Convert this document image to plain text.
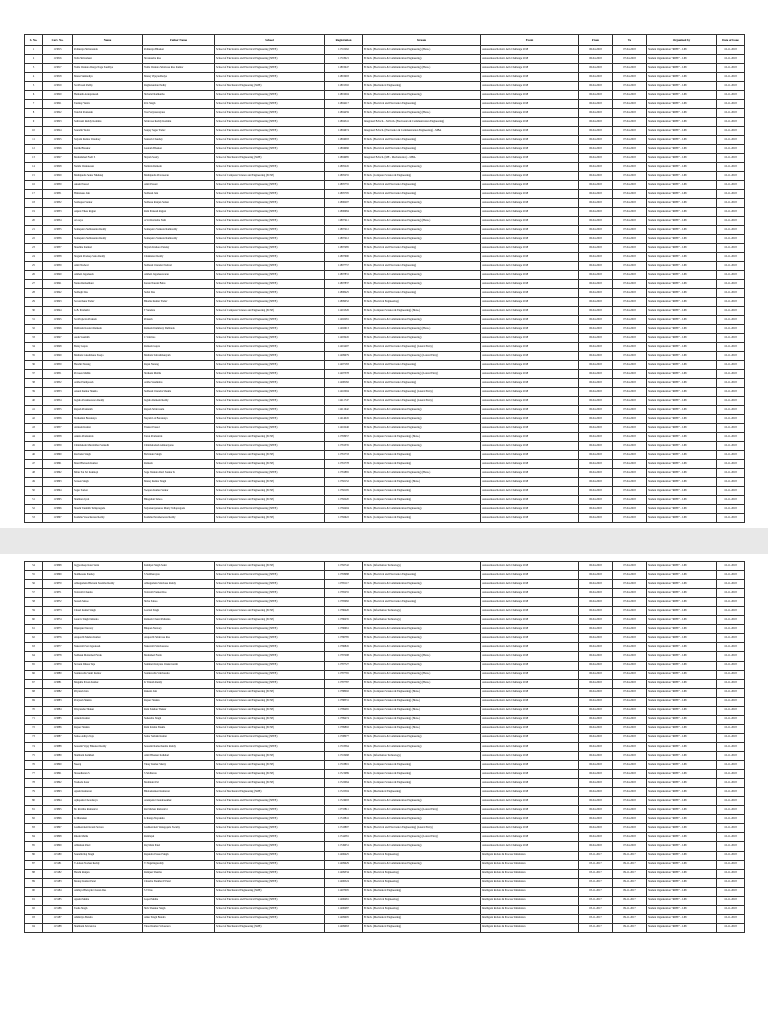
S. No.	Cert. No.	Name	Father Name	School	Registration	Stream	Event	From	To	Organized by	Date of Issue
1	113815	Pothuraju Shivananda	Pothuraju Bhaskar	School of Electronics and Electrical Engineering (SEEE)	11710262	B.Tech. (Electronics & Communication Engineering) (Hons.)	Autonomous Robotic Arm Challenge 2018	06-04-2018	07-04-2018	Student Organization "RIBE" - LPU	16-11-2018
2	113816	Vella Shivamani	Sivanandra Rao	School of Electronics and Electrical Engineering (SEEE)	11718021	B.Tech. (Electronics & Communication Engineering)	Autonomous Robotic Arm Challenge 2018	06-04-2018	07-04-2018	Student Organization "RIBE" - LPU	16-11-2018
3	113817	Yadla Venkata Durga Naga Sandhya	Yadla Venkata Srinivasa Rao Kumar	School of Electronics and Electrical Engineering (SEEE)	11801947	B.Tech. (Electronics & Communication Engineering) (Hons.)	Autonomous Robotic Arm Challenge 2018	06-04-2018	07-04-2018	Student Organization "RIBE" - LPU	16-11-2018
4	113818	Mansi Sukhadiya	Manoj Vijaysubhaiya	School of Electronics and Electrical Engineering (SEEE)	11801993	B.Tech. (Electronics & Communication Engineering)	Autonomous Robotic Arm Challenge 2018	06-04-2018	07-04-2018	Student Organization "RIBE" - LPU	16-11-2018
5	113819	Sai Prasad Padhy	Raghunandan Padhy	School of Mechanical Engineering (SME)	11801502	B.Tech. (Mechanical Engineering)	Autonomous Robotic Arm Challenge 2018	06-04-2018	07-04-2018	Student Organization "RIBE" - LPU	16-11-2018
6	113820	Hemanth Arunprakash	Shivalal Ramkutha	School of Electronics and Electrical Engineering (SEEE)	11801004	B.Tech. (Electronics & Communication Engineering)	Autonomous Robotic Arm Challenge 2018	06-04-2018	07-04-2018	Student Organization "RIBE" - LPU	16-11-2018
7	113821	Tanmay Yadav	R K Singh	School of Electronics and Electrical Engineering (SEEE)	11804217	B.Tech. (Electrical and Electronics Engineering)	Autonomous Robotic Arm Challenge 2018	06-04-2018	07-04-2018	Student Organization "RIBE" - LPU	16-11-2018
8	113822	Vanchit Ponnaiah	Vasi Satyanarayana	School of Electronics and Electrical Engineering (SEEE)	11804459	B.Tech. (Electronics & Communication Engineering) (Hons.)	Autonomous Robotic Arm Challenge 2018	06-04-2018	07-04-2018	Student Organization "RIBE" - LPU	16-11-2018
9	113823	Sathvanti Reddy Kommu	Srinivasa Reddy Kommu	School of Electronics and Electrical Engineering (SEEE)	11804541	Integrated B.Tech. - M.Tech. (Electronics & Communication Engineering)	Autonomous Robotic Arm Challenge 2018	06-04-2018	07-04-2018	Student Organization "RIBE" - LPU	16-11-2018
10	113824	Saurabh Yadav	Sanjay Sagar Yadav	School of Electronics and Electrical Engineering (SEEE)	11804674	Integrated B.Tech. (Electronics & Communication Engineering) - MBA	Autonomous Robotic Arm Challenge 2018	06-04-2018	07-04-2018	Student Organization "RIBE" - LPU	16-11-2018
11	113825	Satyam Kumar Chaubey	Santosh Chaubey	School of Electronics and Electrical Engineering (SEEE)	11804093	B.Tech. (Electrical and Electronics Engineering)	Autonomous Robotic Arm Challenge 2018	06-04-2018	07-04-2018	Student Organization "RIBE" - LPU	16-11-2018
12	113826	Kartik Bhaskar	Gautam Bhaskar	School of Electronics and Electrical Engineering (SEEE)	11804966	B.Tech. (Electrical and Electronics Engineering)	Autonomous Robotic Arm Challenge 2018	06-04-2018	07-04-2018	Student Organization "RIBE" - LPU	16-11-2018
13	113827	Mohammad Fazil S	Shyam Sastry	School of Mechanical Engineering (SME)	11804985	Integrated B.Tech. (ME - Mechatronics) - MBA	Autonomous Robotic Arm Challenge 2018	06-04-2018	07-04-2018	Student Organization "RIBE" - LPU	16-11-2018
14	113828	Nelida Venkatesan	Nalinda Ramesh	School of Electronics and Electrical Engineering (SEEE)	11805245	B.Tech. (Electronics & Communication Engineering)	Autonomous Robotic Arm Challenge 2018	06-04-2018	07-04-2018	Student Organization "RIBE" - LPU	16-11-2018
15	113829	Muthipudis Sekar Nikhutej	Muthipudis Prasveeran	School of Computer Science and Engineering (SCSE)	11805255	B.Tech. (Computer Science & Engineering)	Autonomous Robotic Arm Challenge 2018	06-04-2018	07-04-2018	Student Organization "RIBE" - LPU	16-11-2018
16	113830	Akash Prasad	Amit Prasad	School of Electronics and Electrical Engineering (SEEE)	11805755	B.Tech. (Electrical and Electronics Engineering)	Autonomous Robotic Arm Challenge 2018	06-04-2018	07-04-2018	Student Organization "RIBE" - LPU	16-11-2018
17	113831	Himanasu Jain	Subhash Jain	School of Electronics and Electrical Engineering (SEEE)	11805795	B.Tech. (Electrical and Electronics Engineering)	Autonomous Robotic Arm Challenge 2018	06-04-2018	07-04-2018	Student Organization "RIBE" - LPU	16-11-2018
18	113832	Sarthajeet Sarkar	Subhasu Ranjan Sarkar	School of Electronics and Electrical Engineering (SEEE)	11806207	B.Tech. (Electronics & Communication Engineering)	Autonomous Robotic Arm Challenge 2018	06-04-2018	07-04-2018	Student Organization "RIBE" - LPU	16-11-2018
19	113833	Anjani Vikas Rajput	Ram Prakash Rajput	School of Electronics and Electrical Engineering (SEEE)	11806684	B.Tech. (Electronics & Communication Engineering)	Autonomous Robotic Arm Challenge 2018	06-04-2018	07-04-2018	Student Organization "RIBE" - LPU	16-11-2018
20	113834	A Lasya	A Sri Ravindra Nath	School of Electronics and Electrical Engineering (SEEE)	11807411	B.Tech. (Electronics & Communication Engineering) (Hons.)	Autonomous Robotic Arm Challenge 2018	06-04-2018	07-04-2018	Student Organization "RIBE" - LPU	16-11-2018
21	113835	Somepatra Subhasantu Reddy	Somepatra Venkata Ramireddy	School of Electronics and Electrical Engineering (SEEE)	11807412	B.Tech. (Electronics & Communication Engineering)	Autonomous Robotic Arm Challenge 2018	06-04-2018	07-04-2018	Student Organization "RIBE" - LPU	16-11-2018
22	113836	Somepatra Subhasantu Reddy	Somepatra Venkata Ramireddy	School of Electronics and Electrical Engineering (SEEE)	11807412	B.Tech. (Electronics & Communication Engineering)	Autonomous Robotic Arm Challenge 2018	06-04-2018	07-04-2018	Student Organization "RIBE" - LPU	16-11-2018
23	113837	Shashlie Kumari	Shyam Kishore Pandey	School of Electronics and Electrical Engineering (SEEE)	11807485	B.Tech. (Electrical and Electronics Engineering)	Autonomous Robotic Arm Challenge 2018	06-04-2018	07-04-2018	Student Organization "RIBE" - LPU	16-11-2018
24	113838	Singam Pradeep Sana Reddy	Chakhakar Reddy	School of Electronics and Electrical Engineering (SEEE)	11807690	B.Tech. (Electronics & Communication Engineering)	Autonomous Robotic Arm Challenge 2018	06-04-2018	07-04-2018	Student Organization "RIBE" - LPU	16-11-2018
25	113839	Amit Nadwal	Subhash Chander Nadwal	School of Electronics and Electrical Engineering (SEEE)	11807757	B.Tech. (Electrical and Electronics Engineering)	Autonomous Robotic Arm Challenge 2018	06-04-2018	07-04-2018	Student Organization "RIBE" - LPU	16-11-2018
26	113840	Ambeti Jagadeesh	Ambeti Jagadeeswaran	School of Electronics and Electrical Engineering (SEEE)	11807831	B.Tech. (Electronics & Communication Engineering)	Autonomous Robotic Arm Challenge 2018	06-04-2018	07-04-2018	Student Organization "RIBE" - LPU	16-11-2018
27	113841	Nainu Ramadhani	Karun Naresh Babu	School of Electronics and Electrical Engineering (SEEE)	11807837	B.Tech. (Electronics & Communication Engineering)	Autonomous Robotic Arm Challenge 2018	06-04-2018	07-04-2018	Student Organization "RIBE" - LPU	16-11-2018
28	113842	Subhajit Das	Subal Das	School of Electronics and Electrical Engineering (SEEE)	11808425	B.Tech. (Electrical and Electronics Engineering)	Autonomous Robotic Arm Challenge 2018	06-04-2018	07-04-2018	Student Organization "RIBE" - LPU	16-11-2018
29	113843	Sai Archana Yadav	Bhomu Kumar Yadav	School of Electronics and Electrical Engineering (SEEE)	11809052	B.Tech. (Electrical Engineering)	Autonomous Robotic Arm Challenge 2018	06-04-2018	07-04-2018	Student Organization "RIBE" - LPU	16-11-2018
30	113844	G.B. Pramathi	T Sundara	School of Computer Science and Engineering (SCSE)	11401326	B.Tech. (Computer Science & Engineering) (Hons.)	Autonomous Robotic Arm Challenge 2018	06-04-2018	07-04-2018	Student Organization "RIBE" - LPU	16-11-2018
31	113845	Sai Prajwala Prakash	Prakash	School of Electronics and Electrical Engineering (SEEE)	11402281	B.Tech. (Electronics & Communication Engineering)	Autonomous Robotic Arm Challenge 2018	06-04-2018	07-04-2018	Student Organization "RIBE" - LPU	16-11-2018
32	113846	Dubbuda Kasturi Ramesh	Ramesh Dammary Dubbuda	School of Electronics and Electrical Engineering (SEEE)	11402613	B.Tech. (Electronics & Communication Engineering) (Hons.)	Autonomous Robotic Arm Challenge 2018	06-04-2018	07-04-2018	Student Organization "RIBE" - LPU	16-11-2018
33	113847	Aadu Soumith	C Srinivas	School of Electronics and Electrical Engineering (SEEE)	11403445	B.Tech. (Electronics & Communication Engineering)	Autonomous Robotic Arm Challenge 2018	06-04-2018	07-04-2018	Student Organization "RIBE" - LPU	16-11-2018
34	113848	Banty Gupta	Ramesh Gupta	School of Electronics and Electrical Engineering (SEEE)	11401497	B.Tech. (Electrical and Electronics Engineering) (Lateral Entry)	Autonomous Robotic Arm Challenge 2018	06-04-2018	07-04-2018	Student Organization "RIBE" - LPU	16-11-2018
35	113849	Muthala Lakshmana Sreeja	Muthala Subrahmanyam	School of Electronics and Electrical Engineering (SEEE)	11409979	B.Tech. (Electronics & Communication Engineering) (Lateral Entry)	Autonomous Robotic Arm Challenge 2018	06-04-2018	07-04-2018	Student Organization "RIBE" - LPU	16-11-2018
36	113850	Harshit Narang	Rajan Narang	School of Electronics and Electrical Engineering (SEEE)	11407183	B.Tech. (Electrical and Electronics Engineering)	Autonomous Robotic Arm Challenge 2018	06-04-2018	07-04-2018	Student Organization "RIBE" - LPU	16-11-2018
37	113851	Praveen Mallik	Shrikant Mallik	School of Electronics and Electrical Engineering (SEEE)	11407378	B.Tech. (Electronics & Communication Engineering) (Lateral Entry)	Autonomous Robotic Arm Challenge 2018	06-04-2018	07-04-2018	Student Organization "RIBE" - LPU	16-11-2018
38	113852	Ardha Pruthyeesh	Ardha Sreehinbu	School of Electronics and Electrical Engineering (SEEE)	11408182	B.Tech. (Electrical and Electronics Engineering)	Autonomous Robotic Arm Challenge 2018	06-04-2018	07-04-2018	Student Organization "RIBE" - LPU	16-11-2018
39	113853	Anand Kumar Shukla	Subhash Chandra Shukla	School of Electronics and Electrical Engineering (SEEE)	11410094	B.Tech. (Electrical and Electronics Engineering) (Lateral Entry)	Autonomous Robotic Arm Challenge 2018	06-04-2018	07-04-2018	Student Organization "RIBE" - LPU	16-11-2018
40	113854	Jagiala Parameswara Reddy	Jagiala Ramesh Reddy	School of Electronics and Electrical Engineering (SEEE)	11411747	B.Tech. (Electrical and Electronics Engineering) (Lateral Entry)	Autonomous Robotic Arm Challenge 2018	06-04-2018	07-04-2018	Student Organization "RIBE" - LPU	16-11-2018
41	113855	Rajesh Prashanth	Rajesh Srinivasulu	School of Electronics and Electrical Engineering (SEEE)	11411642	B.Tech. (Electronics & Communication Engineering)	Autonomous Robotic Arm Challenge 2018	06-04-2018	07-04-2018	Student Organization "RIBE" - LPU	16-11-2018
42	113856	Yerikamal Baranaiya	Nayam Lal Baranaiya	School of Electronics and Electrical Engineering (SEEE)	11414045	B.Tech. (Electronics & Communication Engineering)	Autonomous Robotic Arm Challenge 2018	06-04-2018	07-04-2018	Student Organization "RIBE" - LPU	16-11-2018
43	113857	Avinash Kumar	Thakur Prasad	School of Electronics and Electrical Engineering (SEEE)	11416246	B.Tech. (Electronics & Communication Engineering)	Autonomous Robotic Arm Challenge 2018	06-04-2018	07-04-2018	Student Organization "RIBE" - LPU	16-11-2018
44	113858	Ankita Pramanick	Tarun Pramanick	School of Computer Science and Engineering (SCSE)	11783957	B.Tech. (Computer Science & Engineering) (Hons.)	Autonomous Robotic Arm Challenge 2018	06-04-2018	07-04-2018	Student Organization "RIBE" - LPU	16-11-2018
45	113859	Chinmalesh Muralidhar Satnadh	Chinmaladesh Adinarayana	School of Electronics and Electrical Engineering (SEEE)	11781335	B.Tech. (Electronics & Communication Engineering)	Autonomous Robotic Arm Challenge 2018	06-04-2018	07-04-2018	Student Organization "RIBE" - LPU	16-11-2018
46	113860	Ravinder Singh	Balvinder Singh	School of Computer Science and Engineering (SCSE)	11781733	B.Tech. (Computer Science & Engineering)	Autonomous Robotic Arm Challenge 2018	06-04-2018	07-04-2018	Student Organization "RIBE" - LPU	16-11-2018
47	113861	Mani Bhavesh Kumar	Ramesh	School of Computer Science and Engineering (SCSE)	11781778	B.Tech. (Computer Science & Engineering)	Autonomous Robotic Arm Challenge 2018	06-04-2018	07-04-2018	Student Organization "RIBE" - LPU	16-11-2018
48	113862	Mitur Sai Sri Kakinoji	Sage Venkata Ravi Sankar K	School of Electronics and Electrical Engineering (SEEE)	11781865	B.Tech. (Electronics & Communication Engineering) (Hons.)	Autonomous Robotic Arm Challenge 2018	06-04-2018	07-04-2018	Student Organization "RIBE" - LPU	16-11-2018
49	113863	Saveen Singh	Manoj Kumar Singh	School of Computer Science and Engineering (SCSE)	11782152	B.Tech. (Computer Science & Engineering) (Hons.)	Autonomous Robotic Arm Challenge 2018	06-04-2018	07-04-2018	Student Organization "RIBE" - LPU	16-11-2018
50	113864	Sagar Sarkar	Swapan Kumar Sarkar	School of Computer Science and Engineering (SCSE)	11782195	B.Tech. (Computer Science & Engineering)	Autonomous Robotic Arm Challenge 2018	06-04-2018	07-04-2018	Student Organization "RIBE" - LPU	16-11-2018
51	113865	Shubhan Jyoti	Bhagahati Sahoo	School of Computer Science and Engineering (SCSE)	11782220	B.Tech. (Computer Science & Engineering)	Autonomous Robotic Arm Challenge 2018	06-04-2018	07-04-2018	Student Organization "RIBE" - LPU	16-11-2018
52	113866	Shashi Tanmith Tellapragada	Satyanarayanarao Murty Tellapragada	School of Electronics and Electrical Engineering (SEEE)	11782494	B.Tech. (Electronics & Communication Engineering)	Autonomous Robotic Arm Challenge 2018	06-04-2018	07-04-2018	Student Organization "RIBE" - LPU	16-11-2018
53	113867	Kommu Vasacharana Reddy	Kommu Parameswara Reddy	School of Computer Science and Engineering (SCSE)	11782622	B.Tech. (Computer Science & Engineering)	Autonomous Robotic Arm Challenge 2018	06-04-2018	07-04-2018	Student Organization "RIBE" - LPU	16-11-2018
54	113868	Jagjyotdeep Kaur Saini	Kuldipal Singh Saini	School of Computer Science and Engineering (SCSE)	11782742	B.Tech. (Information Technology)	Autonomous Robotic Arm Challenge 2018	06-04-2018	07-04-2018	Student Organization "RIBE" - LPU	16-11-2018
55	113869	Siddhesans Pandey	S Siddharayan	School of Electronics and Electrical Engineering (SEEE)	11783988	B.Tech. (Electrical and Electronics Engineering)	Autonomous Robotic Arm Challenge 2018	06-04-2018	07-04-2018	Student Organization "RIBE" - LPU	16-11-2018
56	113870	Abhagamala Bhavani Susritha Reddy	Abhagamala Srinivasa Reddy	School of Electronics and Electrical Engineering (SEEE)	11785117	B.Tech. (Electronics & Communication Engineering)	Autonomous Robotic Arm Challenge 2018	06-04-2018	07-04-2018	Student Organization "RIBE" - LPU	16-11-2018
57	113871	Velavalli Chandu	Velavalli Venkat Rao	School of Electronics and Electrical Engineering (SEEE)	11785255	B.Tech. (Electronics & Communication Engineering)	Autonomous Robotic Arm Challenge 2018	06-04-2018	07-04-2018	Student Organization "RIBE" - LPU	16-11-2018
58	113872	Suresh Sahoo	Shiva Sahoo	School of Electronics and Electrical Engineering (SEEE)	11785982	B.Tech. (Electrical and Electronics Engineering)	Autonomous Robotic Arm Challenge 2018	06-04-2018	07-04-2018	Student Organization "RIBE" - LPU	16-11-2018
59	113873	Chand Kamal Singh	Govind Singh	School of Computer Science and Engineering (SCSE)	11786420	B.Tech. (Information Technology)	Autonomous Robotic Arm Challenge 2018	06-04-2018	07-04-2018	Student Organization "RIBE" - LPU	16-11-2018
60	113874	Gaurav Singh Dehania	Ramesh Chand Pathania	School of Computer Science and Engineering (SCSE)	11786435	B.Tech. (Information Technology)	Autonomous Robotic Arm Challenge 2018	06-04-2018	07-04-2018	Student Organization "RIBE" - LPU	16-11-2018
61	113875	Dipanjan Narzary	Bhupen Narzary	School of Electronics and Electrical Engineering (SEEE)	11786661	B.Tech. (Electronics & Communication Engineering)	Autonomous Robotic Arm Challenge 2018	06-04-2018	07-04-2018	Student Organization "RIBE" - LPU	16-11-2018
62	113876	Avupaclli Madan Kumar	Avupaclli Srinivasa Rao	School of Electronics and Electrical Engineering (SEEE)	11786785	B.Tech. (Electronics & Communication Engineering)	Autonomous Robotic Arm Challenge 2018	06-04-2018	07-04-2018	Student Organization "RIBE" - LPU	16-11-2018
63	113877	Nukavalli Sai Jagadeesh	Nukavalli Srinivasarao	School of Electronics and Electrical Engineering (SEEE)	11786845	B.Tech. (Electronics & Communication Engineering)	Autonomous Robotic Arm Challenge 2018	06-04-2018	07-04-2018	Student Organization "RIBE" - LPU	16-11-2018
64	113878	Sadhauk Mohamed Faruk	Mohamed Farah	School of Electronics and Electrical Engineering (SEEE)	11787298	B.Tech. (Electronics & Communication Engineering) (Hons.)	Autonomous Robotic Arm Challenge 2018	06-04-2018	07-04-2018	Student Organization "RIBE" - LPU	16-11-2018
65	113879	Sravani Dhana Teja	Sammeti Kalyana Chakravarthi	School of Electronics and Electrical Engineering (SEEE)	11787727	B.Tech. (Electronics & Communication Engineering)	Autonomous Robotic Arm Challenge 2018	06-04-2018	07-04-2018	Student Organization "RIBE" - LPU	16-11-2018
66	113880	Sanikavallu Sunil Kumar	Sanikavallu Srinivasulu	School of Electronics and Electrical Engineering (SEEE)	11787765	B.Tech. (Electronics & Communication Engineering) (Hons.)	Autonomous Robotic Arm Challenge 2018	06-04-2018	07-04-2018	Student Organization "RIBE" - LPU	16-11-2018
67	113881	Mugulla Pavan Kumar	K Trinath Reddy	School of Electronics and Electrical Engineering (SEEE)	11787787	B.Tech. (Electronics & Communication Engineering) (Hons.)	Autonomous Robotic Arm Challenge 2018	06-04-2018	07-04-2018	Student Organization "RIBE" - LPU	16-11-2018
68	113882	Priyansh Jain	Rakesh Jain	School of Computer Science and Engineering (SCSE)	11788092	B.Tech. (Computer Science & Engineering) (Hons.)	Autonomous Robotic Arm Challenge 2018	06-04-2018	07-04-2018	Student Organization "RIBE" - LPU	16-11-2018
69	113883	Pratyush Shukla	Rajeev Shukla	School of Computer Science and Engineering (SCSE)	11788331	B.Tech. (Computer Science & Engineering) (Hons.)	Autonomous Robotic Arm Challenge 2018	06-04-2018	07-04-2018	Student Organization "RIBE" - LPU	16-11-2018
70	113884	Divyanshu Thakur	Ram Sukhan Thakur	School of Computer Science and Engineering (SCSE)	11789465	B.Tech. (Computer Science & Engineering) (Hons.)	Autonomous Robotic Arm Challenge 2018	06-04-2018	07-04-2018	Student Organization "RIBE" - LPU	16-11-2018
71	113885	Adarsh Kumar	Suhendra Singh	School of Computer Science and Engineering (SCSE)	11789474	B.Tech. (Computer Science & Engineering) (Hons.)	Autonomous Robotic Arm Challenge 2018	06-04-2018	07-04-2018	Student Organization "RIBE" - LPU	16-11-2018
72	113886	Rajeev Shukla	Ram Krishn Shukla	School of Computer Science and Engineering (SCSE)	11789802	B.Tech. (Computer Science & Engineering) (Hons.)	Autonomous Robotic Arm Challenge 2018	06-04-2018	07-04-2018	Student Organization "RIBE" - LPU	16-11-2018
73	113887	Sahoo Aditya Teja	Sattar Sathish Kumar	School of Electronics and Electrical Engineering (SEEE)	11708077	B.Tech. (Electronics & Communication Engineering)	Autonomous Robotic Arm Challenge 2018	06-04-2018	07-04-2018	Student Organization "RIBE" - LPU	16-11-2018
74	113888	Sereemi Vijay Bhaskar Reddy	Sereemi Ramachandra Reddy	School of Electronics and Electrical Engineering (SEEE)	11718364	B.Tech. (Electronics & Communication Engineering)	Autonomous Robotic Arm Challenge 2018	06-04-2018	07-04-2018	Student Organization "RIBE" - LPU	16-11-2018
75	113889	Shubham Kalkhari	Amit Bhaskar Kalkhari	School of Computer Science and Engineering (SCSE)	11718468	B.Tech. (Information Technology)	Autonomous Robotic Arm Challenge 2018	06-04-2018	07-04-2018	Student Organization "RIBE" - LPU	16-11-2018
76	113890	Neeraj	Vinay Kumar Shetty	School of Computer Science and Engineering (SCSE)	11718801	B.Tech. (Computer Science & Engineering)	Autonomous Robotic Arm Challenge 2018	06-04-2018	07-04-2018	Student Organization "RIBE" - LPU	16-11-2018
77	113891	Shreedharan S	S Sridharan	School of Computer Science and Engineering (SCSE)	11721989	B.Tech. (Computer Science & Engineering)	Autonomous Robotic Arm Challenge 2018	06-04-2018	07-04-2018	Student Organization "RIBE" - LPU	16-11-2018
78	113892	Yashoda Kaur	Mohinder Pal	School of Computer Science and Engineering (SCSE)	11722064	B.Tech. (Computer Science & Engineering)	Autonomous Robotic Arm Challenge 2018	06-04-2018	07-04-2018	Student Organization "RIBE" - LPU	16-11-2018
79	113893	Ayush Kumawat	Bholashankar Kumawat	School of Mechanical Engineering (SME)	11722504	B.Tech. (Mechanical Engineering)	Autonomous Robotic Arm Challenge 2018	06-04-2018	07-04-2018	Student Organization "RIBE" - LPU	16-11-2018
80	113894	Ajitapadu Chowdarya	Aranipalu Chandrasekhar	School of Electronics and Electrical Engineering (SEEE)	11724993	B.Tech. (Electronics & Communication Engineering)	Autonomous Robotic Arm Challenge 2018	06-04-2018	07-04-2018	Student Organization "RIBE" - LPU	16-11-2018
81	113895	M. Ravitha Ramadevi	Rai Mohan Ramadevi	School of Electronics and Electrical Engineering (SEEE)	11733811	B.Tech. (Electronics & Communication Engineering) (Lateral Entry)	Autonomous Robotic Arm Challenge 2018	06-04-2018	07-04-2018	Student Organization "RIBE" - LPU	16-11-2018
82	113896	G Dhanakar	G Ranga Nayakulu	School of Electronics and Electrical Engineering (SEEE)	11743841	B.Tech. (Electronics & Communication Engineering)	Autonomous Robotic Arm Challenge 2018	06-04-2018	07-04-2018	Student Organization "RIBE" - LPU	16-11-2018
83	113897	Gudikavaleti Kranti Sravan	Gudikavaleti Venugopala Swamy	School of Electronics and Electrical Engineering (SEEE)	11743897	B.Tech. (Electrical and Electronics Engineering) (Lateral Entry)	Autonomous Robotic Arm Challenge 2018	06-04-2018	07-04-2018	Student Organization "RIBE" - LPU	16-11-2018
84	113898	Ritesh Malik	Ramlapal	School of Electronics and Electrical Engineering (SEEE)	11744581	B.Tech. (Electronics & Communication Engineering) (Lateral Entry)	Autonomous Robotic Arm Challenge 2018	06-04-2018	07-04-2018	Student Organization "RIBE" - LPU	16-11-2018
85	113899	Abhishek Patel	Raj Mani Patel	School of Electronics and Electrical Engineering (SEEE)	11749051	B.Tech. (Electronics & Communication Engineering)	Autonomous Robotic Arm Challenge 2018	06-04-2018	07-04-2018	Student Organization "RIBE" - LPU	16-11-2018
86	113180	Saurabh Raj Singh	Rajendra Prasad Singh	School of Electronics and Electrical Engineering (SEEE)	11406425	B.Tech. (Electrical Engineering)	Intelligent Robots & Process Simulation	03-11-2017	09-11-2017	Student Organization "RIBE" - LPU	16-11-2018
87	113181	V Ashok Yoshan Reddy	V Nagalingareddy	School of Electronics and Electrical Engineering (SEEE)	11409929	B.Tech. (Electronics & Communication Engineering)	Intelligent Robots & Process Simulation	03-11-2017	09-11-2017	Student Organization "RIBE" - LPU	16-11-2018
88	113182	Harshi Ranjan	Ramjeet Sharma	School of Electronics and Electrical Engineering (SEEE)	11409334	B.Tech. (Electrical Engineering)	Intelligent Robots & Process Simulation	03-11-2017	09-11-2017	Student Organization "RIBE" - LPU	16-11-2018
89	113183	Monay Kumar Patel	Chandra Shekhar P Patel	School of Electronics and Electrical Engineering (SEEE)	11406524	B.Tech. (Electrical Engineering)	Intelligent Robots & Process Simulation	03-11-2017	09-11-2017	Student Organization "RIBE" - LPU	16-11-2018
90	113184	Ambiya Bhavyah Charan Das	S T Das	School of Mechanical Engineering (SME)	11407005	B.Tech. (Mechanical Engineering)	Intelligent Robots & Process Simulation	03-11-2017	09-11-2017	Student Organization "RIBE" - LPU	16-11-2018
91	113185	Ayushi Mehta	Gopal Mehta	School of Electronics and Electrical Engineering (SEEE)	11406481	B.Tech. (Electrical Engineering)	Intelligent Robots & Process Simulation	03-11-2017	09-11-2017	Student Organization "RIBE" - LPU	16-11-2018
92	113186	Taaha Singh	Shiv Shankar Singh	School of Electronics and Electrical Engineering (SEEE)	11406487	B.Tech. (Electrical Engineering)	Intelligent Robots & Process Simulation	03-11-2017	09-11-2017	Student Organization "RIBE" - LPU	16-11-2018
93	113187	Ahmiriya Bandra	Amar Singh Bandra	School of Electronics and Electrical Engineering (SEEE)	11409905	B.Tech. (Mechanical Engineering)	Intelligent Robots & Process Simulation	03-11-2017	09-11-2017	Student Organization "RIBE" - LPU	16-11-2018
94	113188	Shubham Srivastava	Vinod Kumar Srivastava	School of Mechanical Engineering (SME)	11409063	B.Tech. (Mechanical Engineering)	Intelligent Robots & Process Simulation	03-11-2017	09-11-2017	Student Organization "RIBE" - LPU	16-11-2018
